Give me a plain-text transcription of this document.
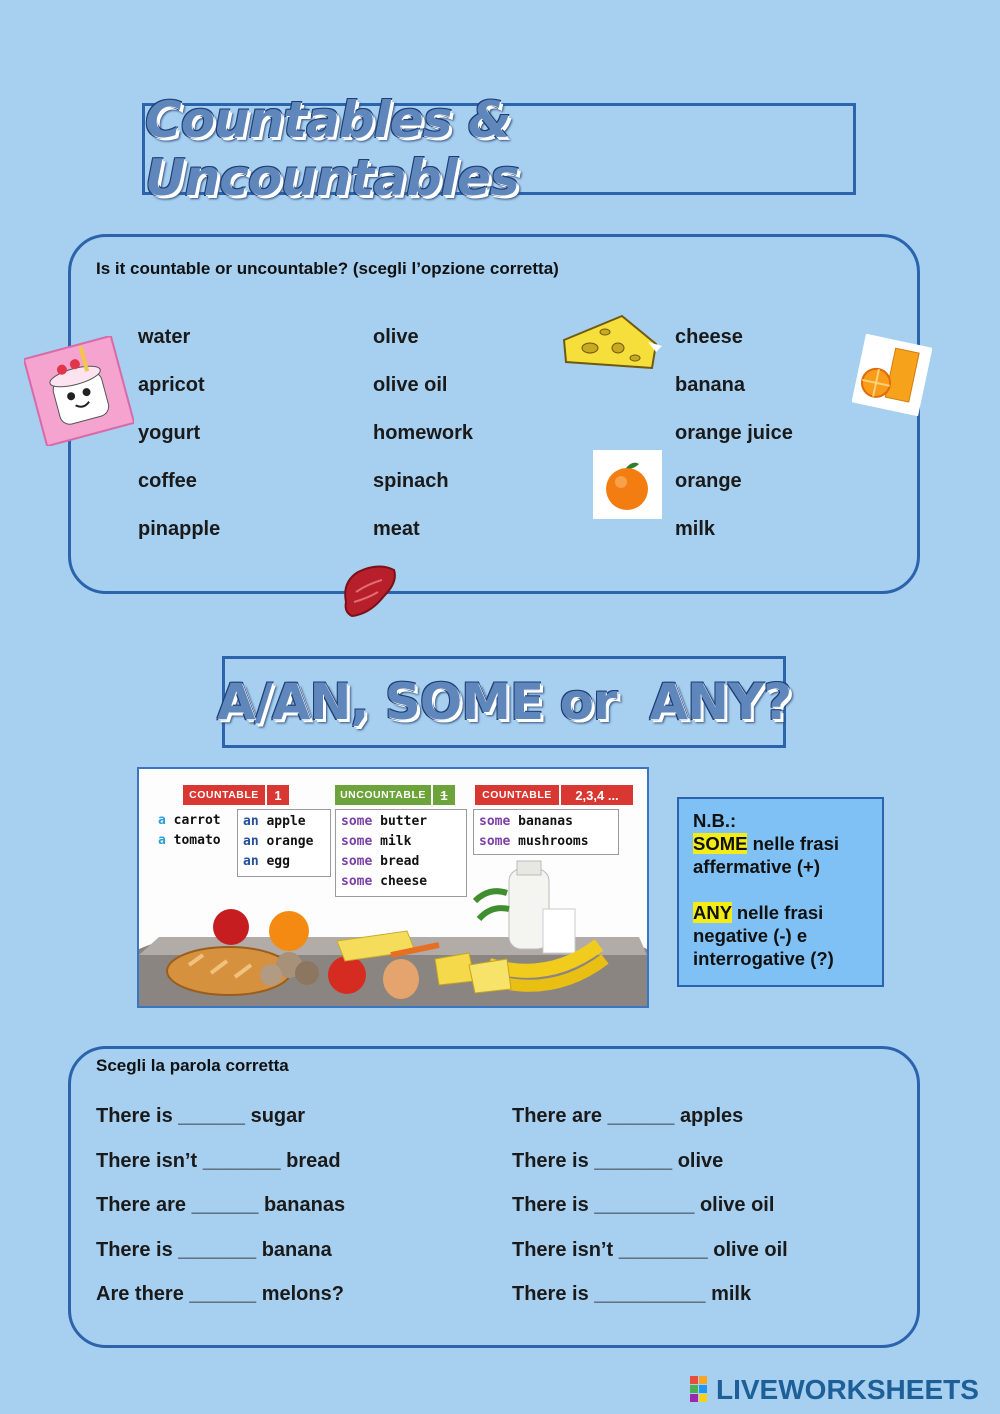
Countables & Uncountables
Is it countable or uncountable? (scegli l’opzione corretta)
water
apricot
yogurt
coffee
pinapple
olive
olive oil
homework
spinach
meat
cheese
banana
orange juice
orange
milk
A/AN, SOME or  ANY?
COUNTABLE	1	UNCOUNTABLE	1	COUNTABLE	2,3,4 ...
a carrot
a tomato
an apple
an orange
an egg
some butter
some milk
some bread
some cheese
some bananas
some mushrooms
N.B.:
SOME nelle frasi affermative (+)
ANY nelle frasi negative (-) e interrogative (?)
Scegli la parola corretta
There is ______ sugar
There isn’t _______ bread
There are ______ bananas
There is _______ banana
Are there ______ melons?
There are ______ apples
There is _______ olive
There is _________ olive oil
There isn’t ________ olive oil
There is __________ milk
LIVEWORKSHEETS
